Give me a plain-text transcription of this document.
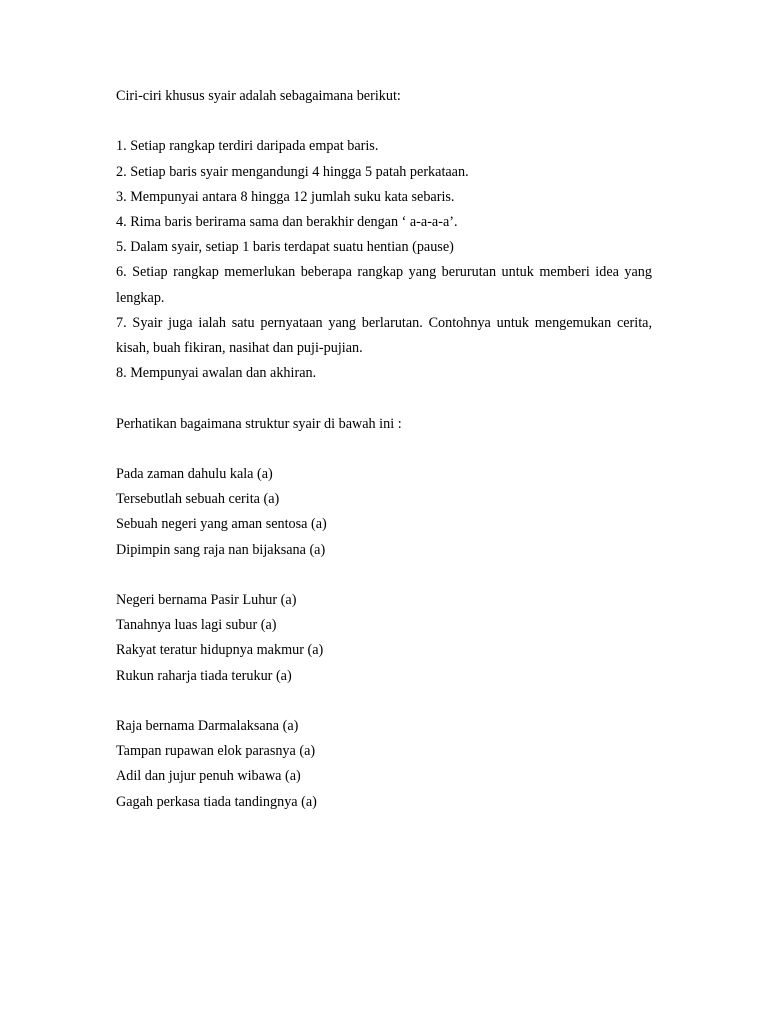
Ciri-ciri khusus syair adalah sebagaimana berikut:

1. Setiap rangkap terdiri daripada empat baris.

2. Setiap baris syair mengandungi 4 hingga 5 patah perkataan.

3. Mempunyai antara 8 hingga 12 jumlah suku kata sebaris.

4. Rima baris berirama sama dan berakhir dengan ‘ a-a-a-a’.

5. Dalam syair, setiap 1 baris terdapat suatu hentian (pause)

6. Setiap rangkap memerlukan beberapa rangkap yang berurutan untuk memberi idea yang lengkap.

7. Syair juga ialah satu pernyataan yang berlarutan. Contohnya untuk mengemukan cerita, kisah, buah fikiran, nasihat dan puji-pujian.

8. Mempunyai awalan dan akhiran.

Perhatikan bagaimana struktur syair di bawah ini :

Pada zaman dahulu kala (a)

Tersebutlah sebuah cerita (a)

Sebuah negeri yang aman sentosa (a)

Dipimpin sang raja nan bijaksana (a)

Negeri bernama Pasir Luhur (a)

Tanahnya luas lagi subur (a)

Rakyat teratur hidupnya makmur (a)

Rukun raharja tiada terukur (a)

Raja bernama Darmalaksana (a)

Tampan rupawan elok parasnya (a)

Adil dan jujur penuh wibawa (a)

Gagah perkasa tiada tandingnya (a)
